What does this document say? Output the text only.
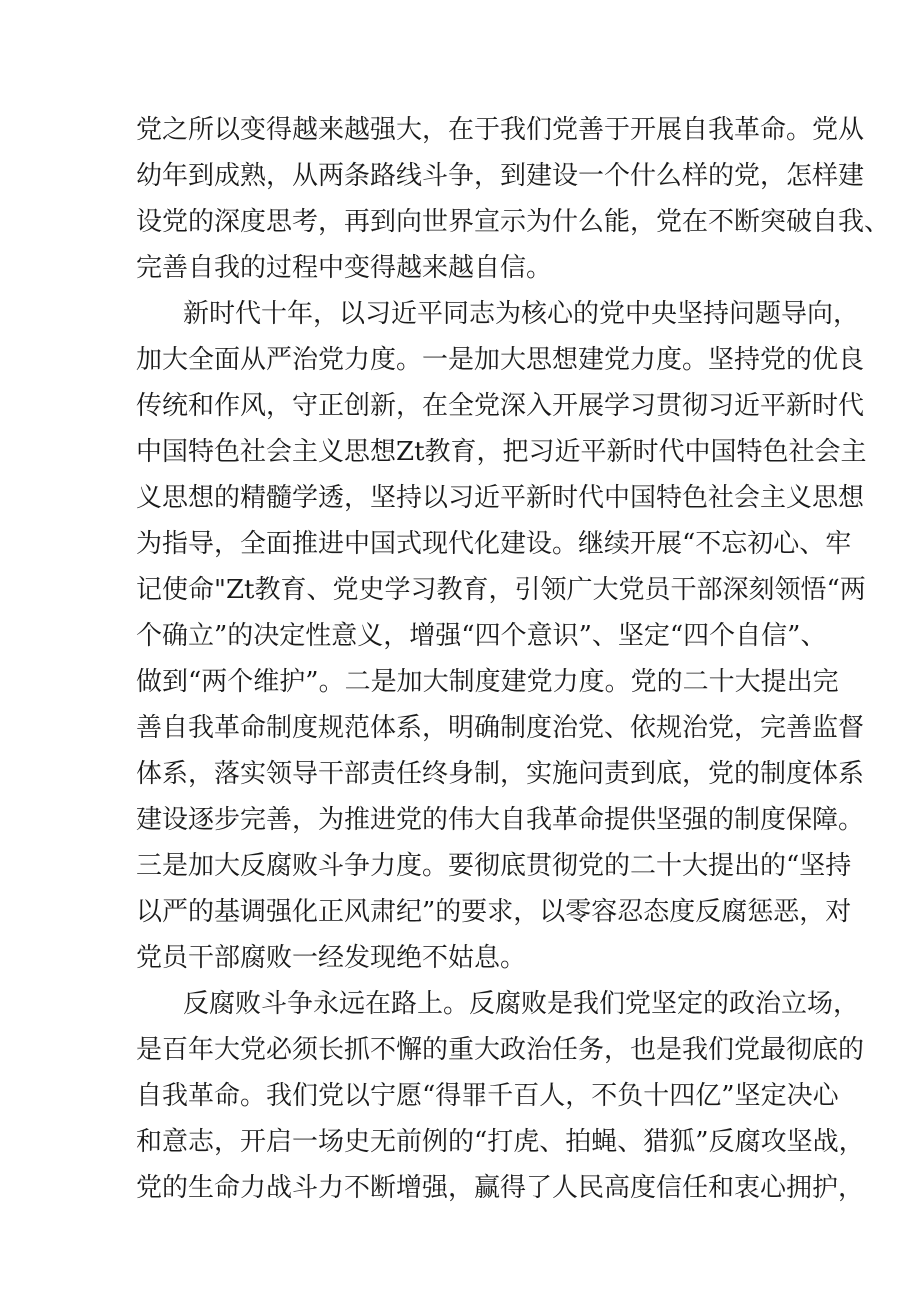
党之所以变得越来越强大，在于我们党善于开展自我革命。党从

幼年到成熟，从两条路线斗争，到建设一个什么样的党，怎样建

设党的深度思考，再到向世界宣示为什么能，党在不断突破自我、

完善自我的过程中变得越来越自信。

新时代十年，以习近平同志为核心的党中央坚持问题导向，

加大全面从严治党力度。一是加大思想建党力度。坚持党的优良

传统和作风，守正创新，在全党深入开展学习贯彻习近平新时代

中国特色社会主义思想Zt教育，把习近平新时代中国特色社会主

义思想的精髓学透，坚持以习近平新时代中国特色社会主义思想

为指导，全面推进中国式现代化建设。继续开展“不忘初心、牢

记使命"Zt教育、党史学习教育，引领广大党员干部深刻领悟“两

个确立”的决定性意义，增强“四个意识”、坚定“四个自信”、

做到“两个维护”。二是加大制度建党力度。党的二十大提出完

善自我革命制度规范体系，明确制度治党、依规治党，完善监督

体系，落实领导干部责任终身制，实施问责到底，党的制度体系

建设逐步完善，为推进党的伟大自我革命提供坚强的制度保障。

三是加大反腐败斗争力度。要彻底贯彻党的二十大提出的“坚持

以严的基调强化正风肃纪”的要求，以零容忍态度反腐惩恶，对

党员干部腐败一经发现绝不姑息。

反腐败斗争永远在路上。反腐败是我们党坚定的政治立场，

是百年大党必须长抓不懈的重大政治任务，也是我们党最彻底的

自我革命。我们党以宁愿“得罪千百人，不负十四亿”坚定决心

和意志，开启一场史无前例的“打虎、拍蝇、猎狐”反腐攻坚战，

党的生命力战斗力不断增强，赢得了人民高度信任和衷心拥护，
